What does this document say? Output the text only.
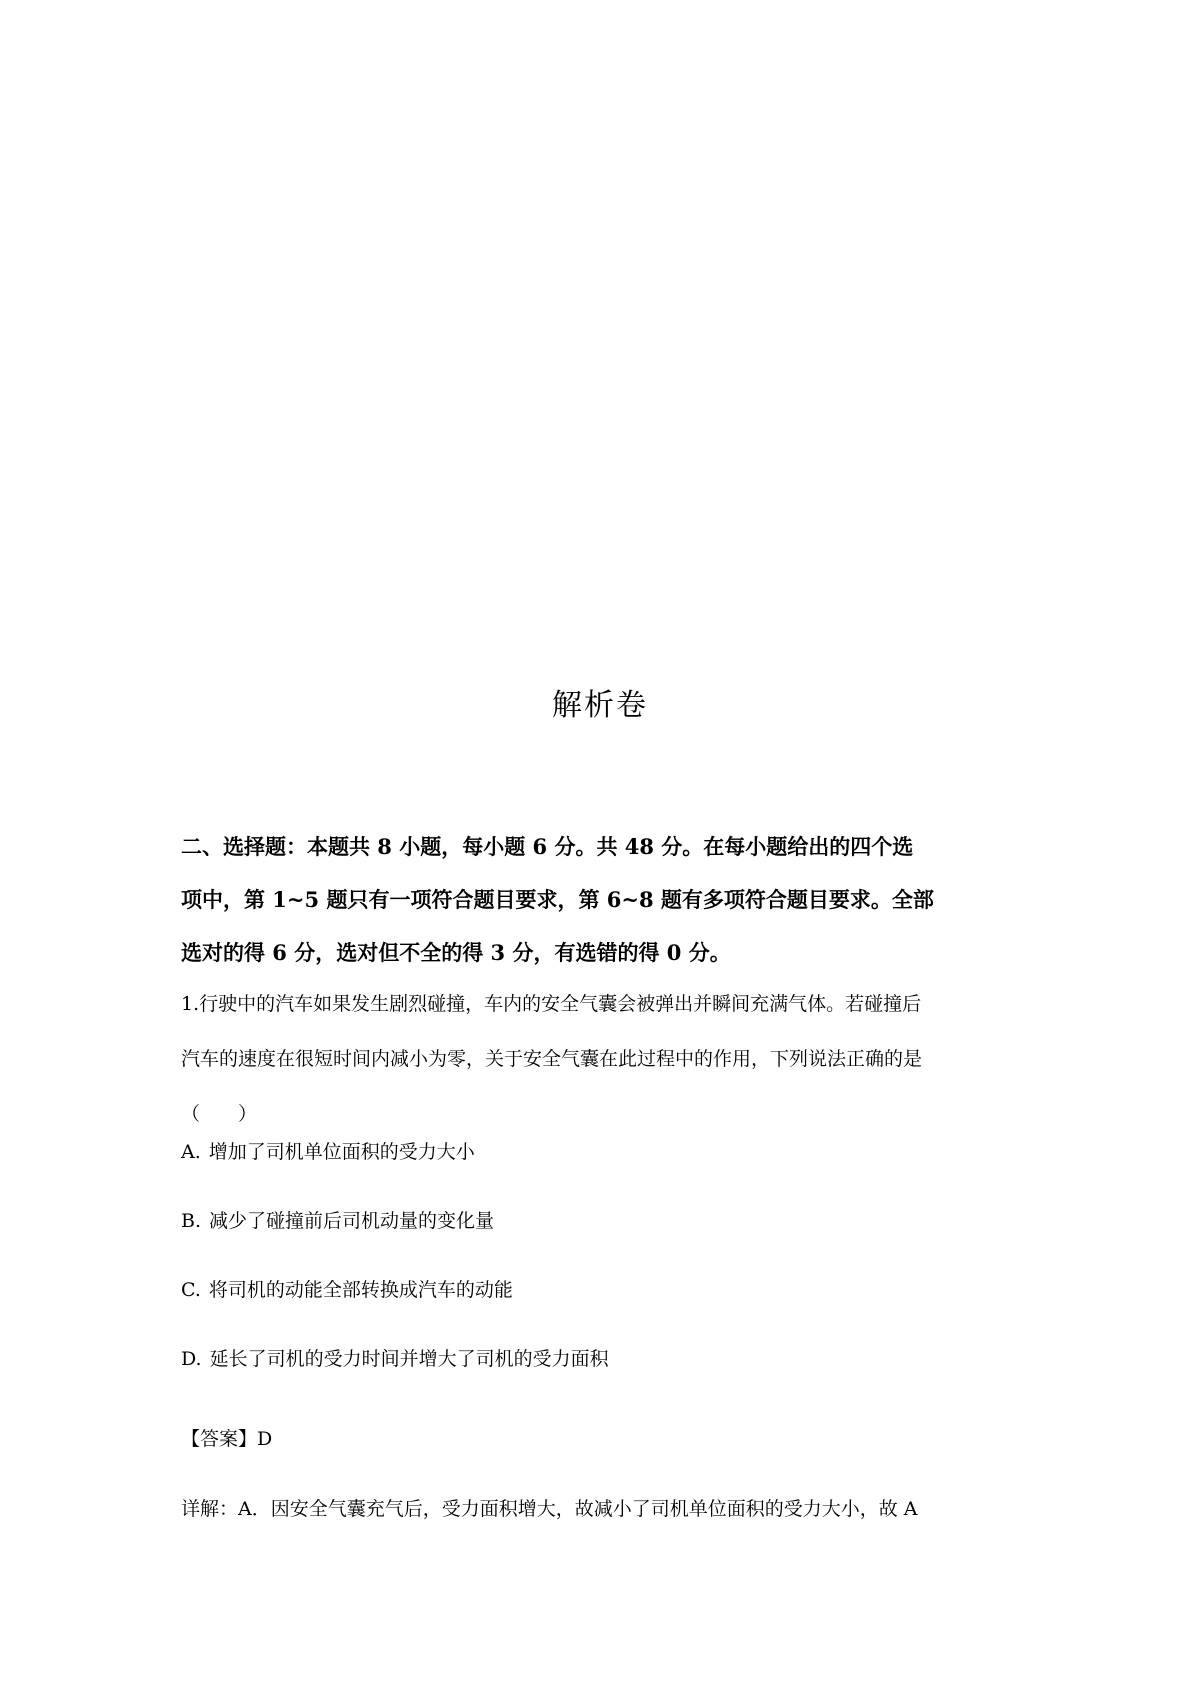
解析卷
二、选择题：本题共 8 小题，每小题 6 分。共 48 分。在每小题给出的四个选
项中，第 1~5 题只有一项符合题目要求，第 6~8 题有多项符合题目要求。全部
选对的得 6 分，选对但不全的得 3 分，有选错的得 0 分。
1.行驶中的汽车如果发生剧烈碰撞，车内的安全气囊会被弹出并瞬间充满气体。若碰撞后
汽车的速度在很短时间内减小为零，关于安全气囊在此过程中的作用，下列说法正确的是
（　　）
A. 增加了司机单位面积的受力大小
B. 减少了碰撞前后司机动量的变化量
C. 将司机的动能全部转换成汽车的动能
D. 延长了司机的受力时间并增大了司机的受力面积
【答案】D
详解：A．因安全气囊充气后，受力面积增大，故减小了司机单位面积的受力大小，故 A
